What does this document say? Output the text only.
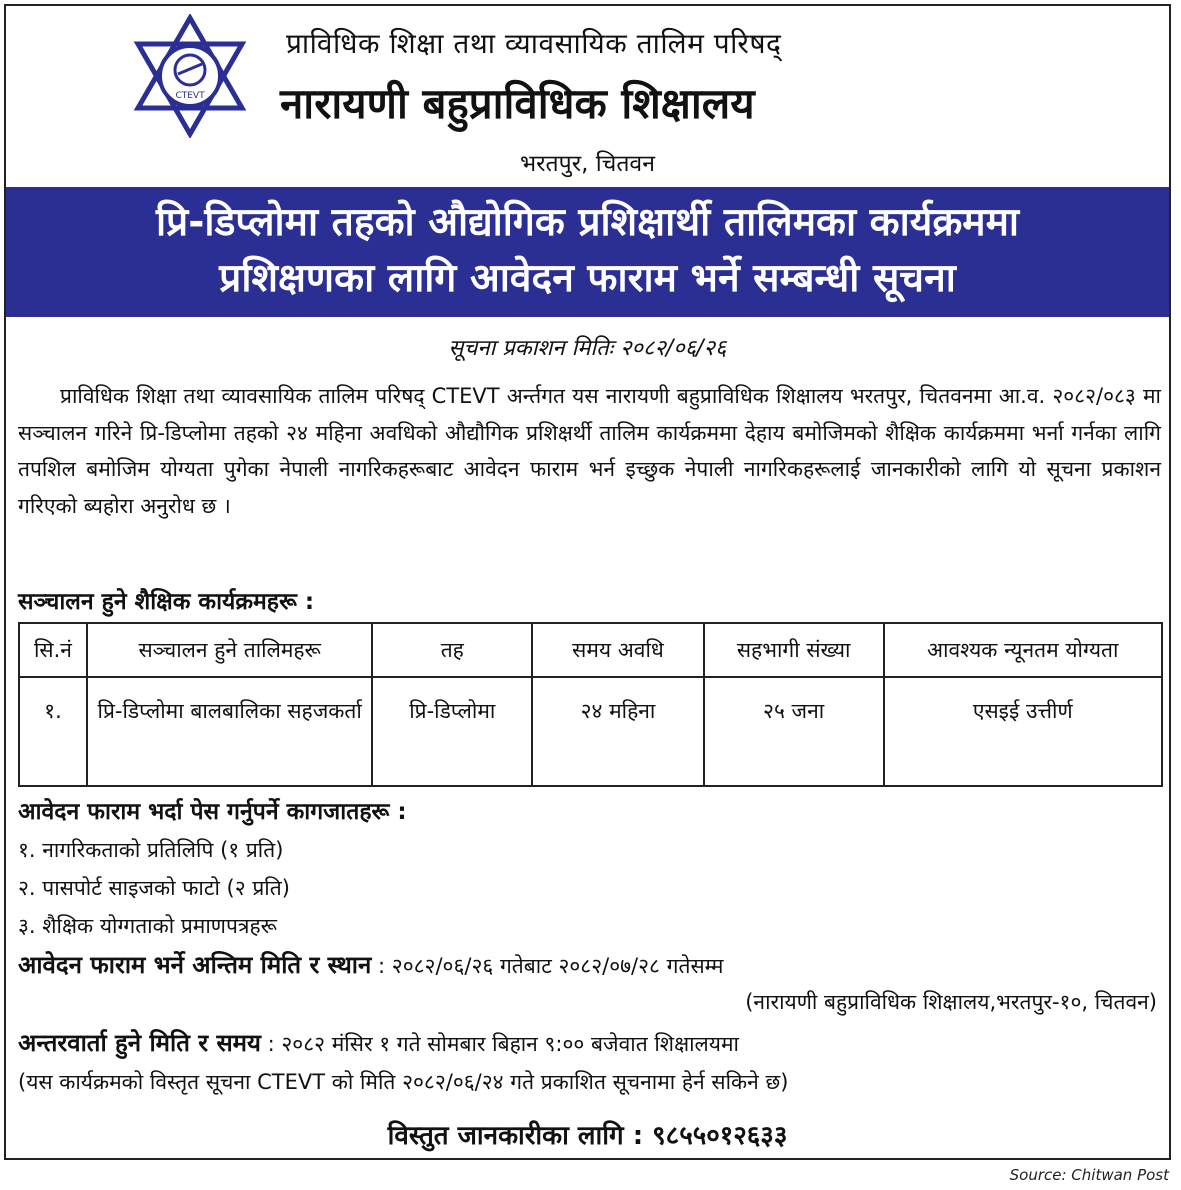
CTEVT
प्राविधिक शिक्षा तथा व्यावसायिक तालिम परिषद्
नारायणी बहुप्राविधिक शिक्षालय
भरतपुर, चितवन
प्रि-डिप्लोमा तहको औद्योगिक प्रशिक्षार्थी तालिमका कार्यक्रममा
प्रशिक्षणका लागि आवेदन फाराम भर्ने सम्बन्धी सूचना
सूचना प्रकाशन मितिः २०८२/०६/२६

प्राविधिक शिक्षा तथा व्यावसायिक तालिम परिषद् CTEVT अर्न्तगत यस नारायणी बहुप्राविधिक शिक्षालय भरतपुर, चितवनमा आ.व. २०८२/०८३ मा सञ्चालन गरिने प्रि-डिप्लोमा तहको २४ महिना अवधिको औद्यौगिक प्रशिक्षर्थी तालिम कार्यक्रममा देहाय बमोजिमको शैक्षिक कार्यक्रममा भर्ना गर्नका लागि तपशिल बमोजिम योग्यता पुगेका नेपाली नागरिकहरूबाट आवेदन फाराम भर्न इच्छुक नेपाली नागरिकहरूलाई जानकारीको लागि यो सूचना प्रकाशन गरिएको ब्यहोरा अनुरोध छ ।

सञ्चालन हुने शैक्षिक कार्यक्रमहरू :
सि.नं	सञ्चालन हुने तालिमहरू	तह	समय अवधि	सहभागी संख्या	आवश्यक न्यूनतम योग्यता
१.	प्रि-डिप्लोमा बालबालिका सहजकर्ता	प्रि-डिप्लोमा	२४ महिना	२५ जना	एसइई उत्तीर्ण
आवेदन फाराम भर्दा पेस गर्नुपर्ने कागजातहरू :
१. नागरिकताको प्रतिलिपि (१ प्रति)
२. पासपोर्ट साइजको फाटो (२ प्रति)
३. शैक्षिक योग्गताको प्रमाणपत्रहरू
आवेदन फाराम भर्ने अन्तिम मिति र स्थान : २०८२/०६/२६ गतेबाट २०८२/०७/२८ गतेसम्म
(नारायणी बहुप्राविधिक शिक्षालय,भरतपुर-१०, चितवन)
अन्तरवार्ता हुने मिति र समय : २०८२ मंसिर १ गते सोमबार बिहान ९:०० बजेवात शिक्षालयमा
(यस कार्यक्रमको विस्तृत सूचना CTEVT को मिति २०८२/०६/२४ गते प्रकाशित सूचनामा हेर्न सकिने छ)
विस्तुत जानकारीका लागि : ९८५५०१२६३३
Source: Chitwan Post
